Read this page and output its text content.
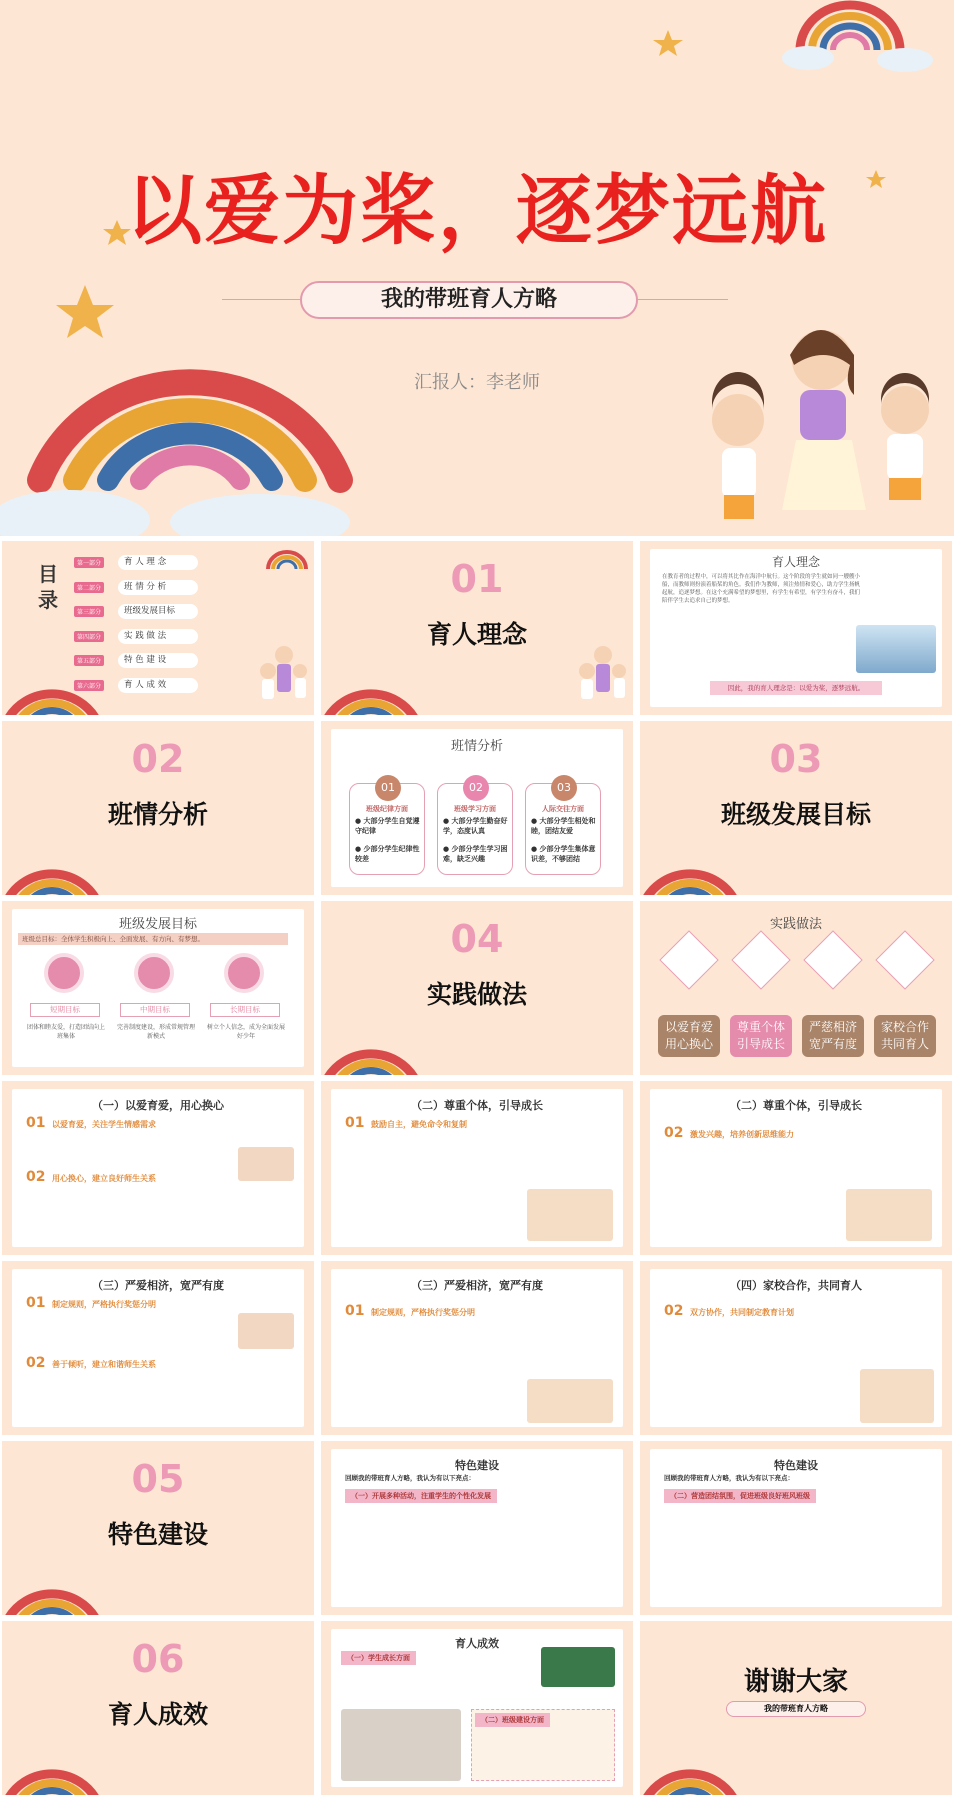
以爱为桨，逐梦远航
我的带班育人方略
汇报人：李老师
目录
第一部分	育 人 理 念
第二部分	班 情 分 析
第三部分	班级发展目标
第四部分	实 践 做 法
第五部分	特 色 建 设
第六部分	育 人 成 效
01
育人理念
育人理念
在教育者的过程中，可以将其比作在海洋中航行。这个阶段的学生就如同一艘艘小船，而教师则扮演着船桨的角色。我们作为教师，须注热情和爱心，助力学生扬帆起航，追逐梦想。在这个充满希望的梦想里，有学生有希望，有学生有奋斗，我们陪伴学生去追求自己的梦想。
因此，我的育人理念是：以爱为桨，逐梦远航。
02
班情分析
班情分析
01
班级纪律方面
● 大部分学生自觉遵守纪律
● 少部分学生纪律性较差
02
班级学习方面
● 大部分学生勤奋好学，态度认真
● 少部分学生学习困难，缺乏兴趣
03
人际交往方面
● 大部分学生相处和睦，团结友爱
● 少部分学生集体意识差，不够团结
03
班级发展目标
班级发展目标
班级总目标：全体学生积极向上、全面发展、有方向、有梦想。
短期目标
团体和睦友爱，打造团结向上班集体
中期目标
完善制度建设，形成常规管理新模式
长期目标
树立个人信念，成为全面发展好少年
04
实践做法
实践做法
以爱育爱
用心换心
尊重个体
引导成长
严慈相济
宽严有度
家校合作
共同育人
（一）以爱育爱，用心换心
01 以爱育爱，关注学生情感需求
02 用心换心，建立良好师生关系
（二）尊重个体，引导成长
01 鼓励自主，避免命令和复制
（二）尊重个体，引导成长
02 激发兴趣，培养创新思维能力
（三）严爱相济，宽严有度
01 制定规则，严格执行奖惩分明
02 善于倾听，建立和谐师生关系
（三）严爱相济，宽严有度
01 制定规则，严格执行奖惩分明
（四）家校合作，共同育人
02 双方协作，共同制定教育计划
05
特色建设
特色建设
回顾我的带班育人方略，我认为有以下亮点：
（一）开展多种活动，注重学生的个性化发展
特色建设
回顾我的带班育人方略，我认为有以下亮点：
（二）营造团结氛围，促进班级良好班风班级
06
育人成效
育人成效
（一）学生成长方面
（二）班级建设方面
谢谢大家
我的带班育人方略
